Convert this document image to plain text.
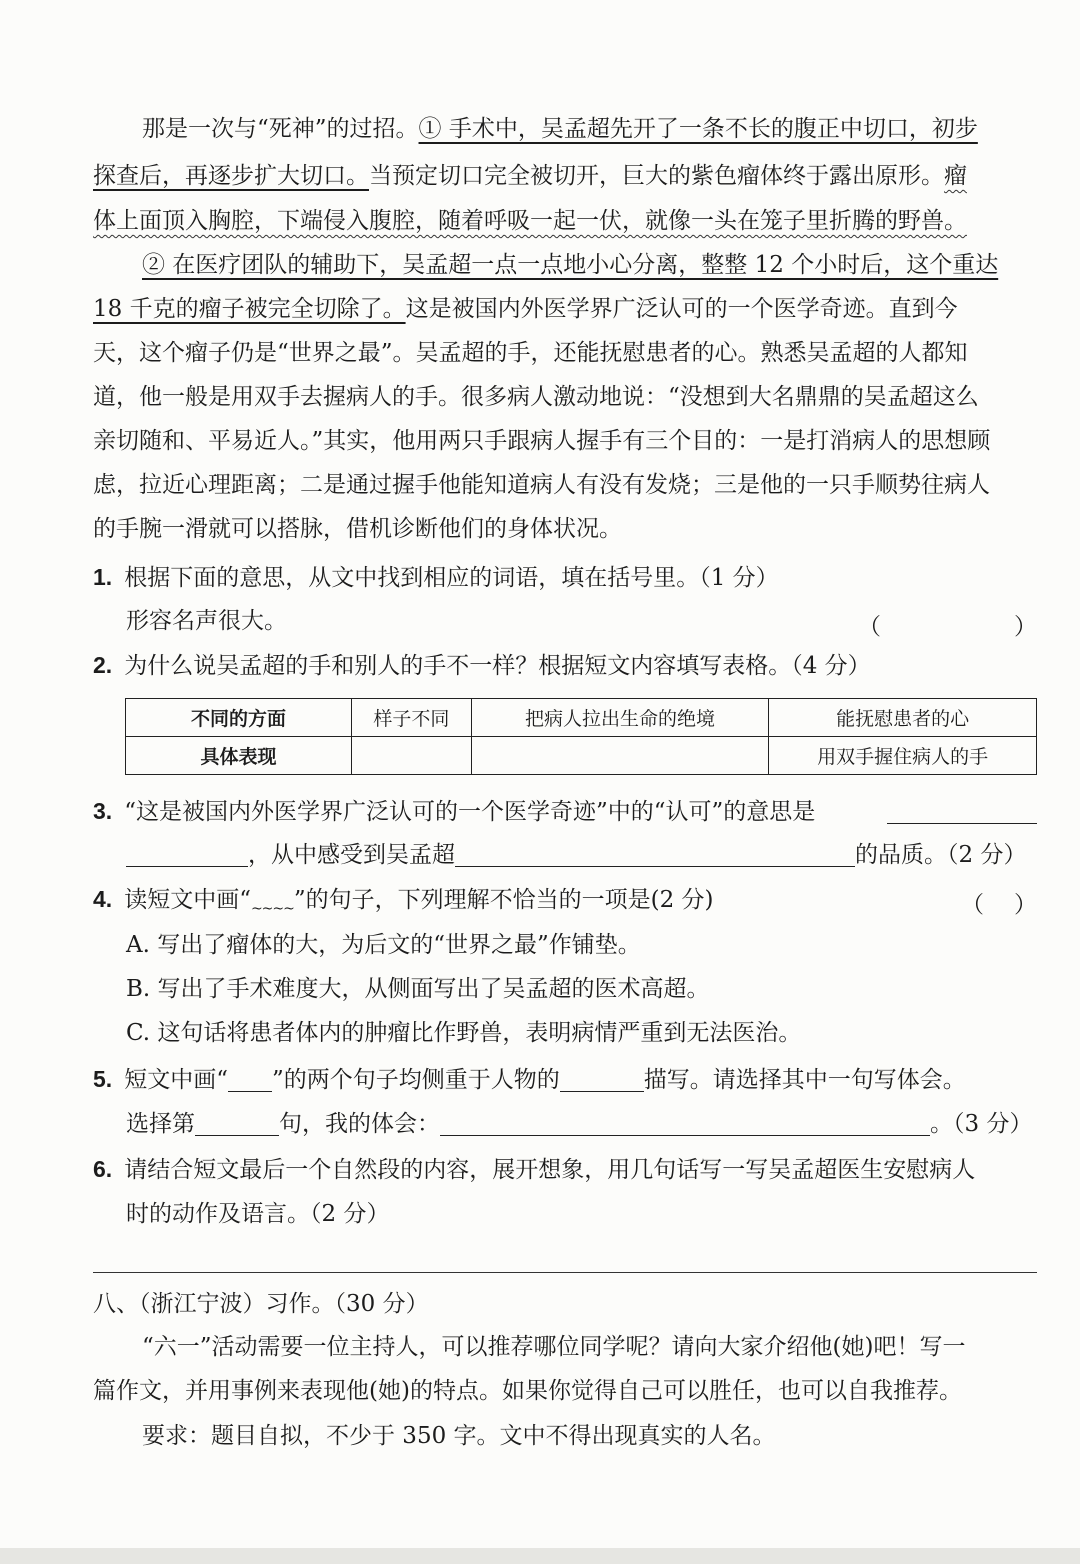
那是一次与“死神”的过招。① 手术中，吴孟超先开了一条不长的腹正中切口，初步
探查后，再逐步扩大切口。当预定切口完全被切开，巨大的紫色瘤体终于露出原形。瘤
体上面顶入胸腔，下端侵入腹腔，随着呼吸一起一伏，就像一头在笼子里折腾的野兽。
② 在医疗团队的辅助下，吴孟超一点一点地小心分离，整整 12 个小时后，这个重达
18 千克的瘤子被完全切除了。这是被国内外医学界广泛认可的一个医学奇迹。直到今
天，这个瘤子仍是“世界之最”。吴孟超的手，还能抚慰患者的心。熟悉吴孟超的人都知
道，他一般是用双手去握病人的手。很多病人激动地说：“没想到大名鼎鼎的吴孟超这么
亲切随和、平易近人。”其实，他用两只手跟病人握手有三个目的：一是打消病人的思想顾
虑，拉近心理距离；二是通过握手他能知道病人有没有发烧；三是他的一只手顺势往病人
的手腕一滑就可以搭脉，借机诊断他们的身体状况。
1. 根据下面的意思，从文中找到相应的词语，填在括号里。（1 分）
形容名声很大。	（	）
2. 为什么说吴孟超的手和别人的手不一样？根据短文内容填写表格。（4 分）
不同的方面	样子不同	把病人拉出生命的绝境	能抚慰患者的心
具体表现			用双手握住病人的手
3. “这是被国内外医学界广泛认可的一个医学奇迹”中的“认可”的意思是
，从中感受到吴孟超	的品质。（2 分）
4. 读短文中画“$_{\sim\sim\sim\sim}$”的句子，下列理解不恰当的一项是(2 分)	（ ）
A. 写出了瘤体的大，为后文的“世界之最”作铺垫。
B. 写出了手术难度大，从侧面写出了吴孟超的医术高超。
C. 这句话将患者体内的肿瘤比作野兽，表明病情严重到无法医治。
5. 短文中画“ ”的两个句子均侧重于人物的	描写。请选择其中一句写体会。
选择第	句，我的体会：	。（3 分）
6. 请结合短文最后一个自然段的内容，展开想象，用几句话写一写吴孟超医生安慰病人
时的动作及语言。（2 分）
八、（浙江宁波）习作。（30 分）
“六一”活动需要一位主持人，可以推荐哪位同学呢？请向大家介绍他(她)吧！写一
篇作文，并用事例来表现他(她)的特点。如果你觉得自己可以胜任，也可以自我推荐。
要求：题目自拟，不少于 350 字。文中不得出现真实的人名。
